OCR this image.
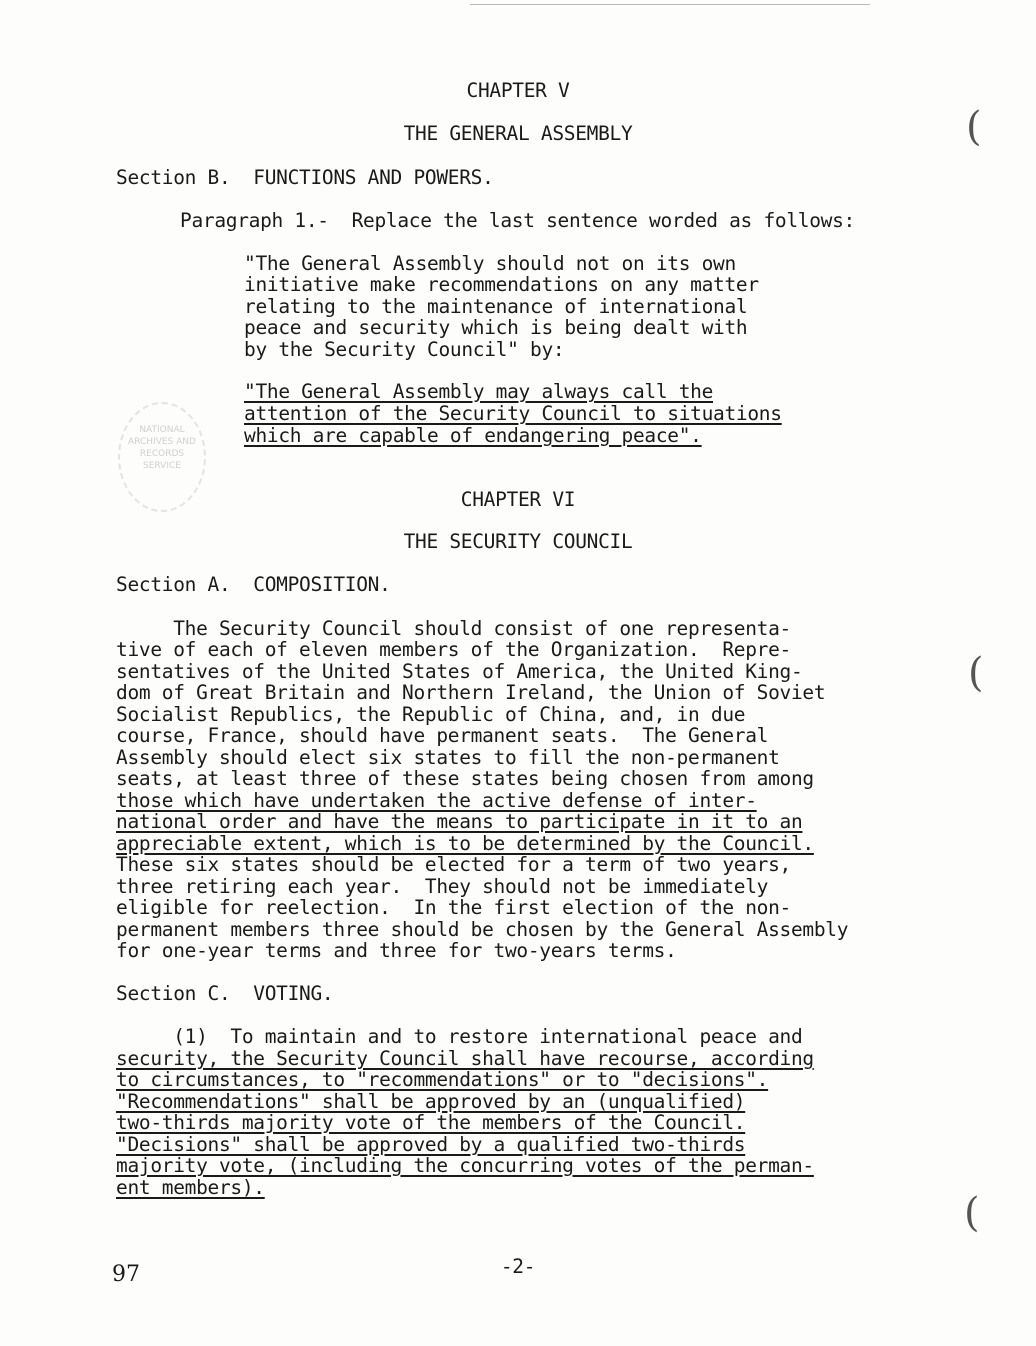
CHAPTER V
THE GENERAL ASSEMBLY
Section B.  FUNCTIONS AND POWERS.
Paragraph 1.-  Replace the last sentence worded as follows:
"The General Assembly should not on its own
initiative make recommendations on any matter
relating to the maintenance of international
peace and security which is being dealt with
by the Security Council" by:
"The General Assembly may always call the
attention of the Security Council to situations
which are capable of endangering peace".
NATIONAL ARCHIVES AND RECORDS SERVICE
CHAPTER VI
THE SECURITY COUNCIL
Section A.  COMPOSITION.
The Security Council should consist of one representa-
tive of each of eleven members of the Organization.  Repre-
sentatives of the United States of America, the United King-
dom of Great Britain and Northern Ireland, the Union of Soviet
Socialist Republics, the Republic of China, and, in due
course, France, should have permanent seats.  The General
Assembly should elect six states to fill the non-permanent
seats, at least three of these states being chosen from among
those which have undertaken the active defense of inter-
national order and have the means to participate in it to an
appreciable extent, which is to be determined by the Council.
These six states should be elected for a term of two years,
three retiring each year.  They should not be immediately
eligible for reelection.  In the first election of the non-
permanent members three should be chosen by the General Assembly
for one-year terms and three for two-years terms.
Section C.  VOTING.
(1)  To maintain and to restore international peace and
security, the Security Council shall have recourse, according
to circumstances, to "recommendations" or to "decisions".
"Recommendations" shall be approved by an (unqualified)
two-thirds majority vote of the members of the Council.
"Decisions" shall be approved by a qualified two-thirds
majority vote, (including the concurring votes of the perman-
ent members).
-2-
97
(
(
(
